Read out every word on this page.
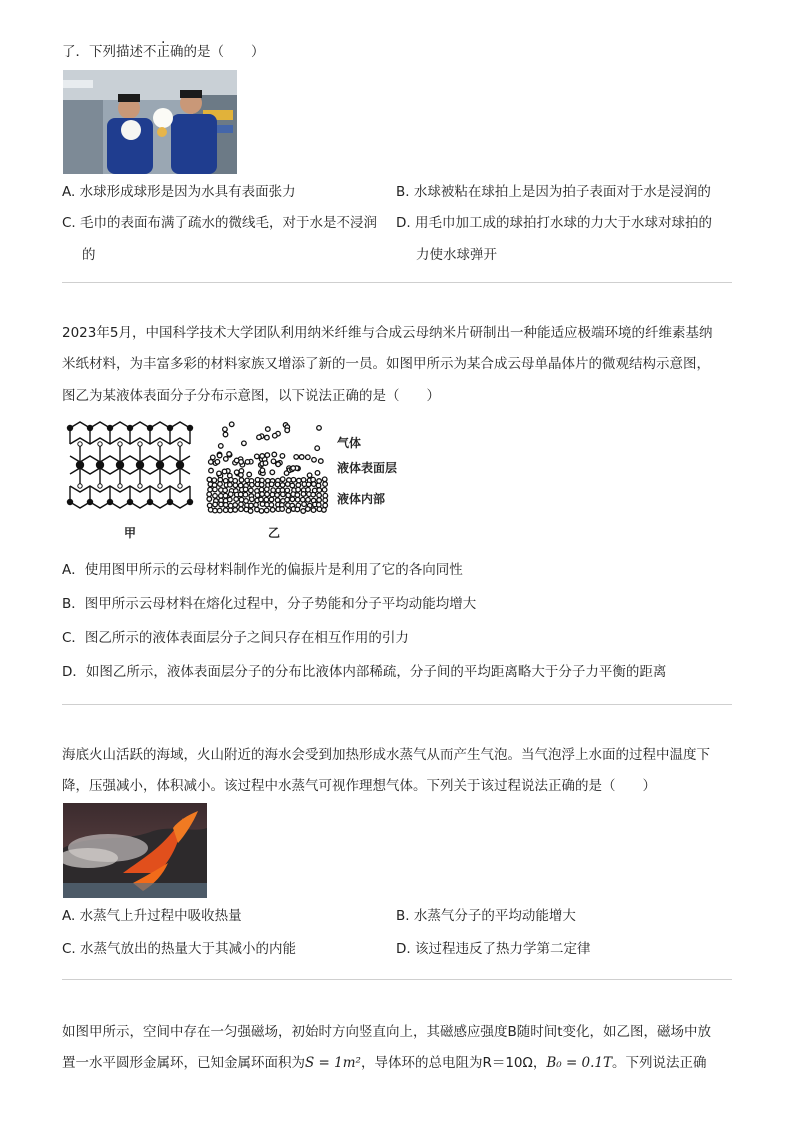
了．下列描述不正确的是（　　）
A. 水球形成球形是因为水具有表面张力	B. 水球被粘在球拍上是因为拍子表面对于水是浸润的
C. 毛巾的表面布满了疏水的微线毛，对于水是不浸润
的
D. 用毛巾加工成的球拍打水球的力大于水球对球拍的
力使水球弹开
2023年5月，中国科学技术大学团队利用纳米纤维与合成云母纳米片研制出一种能适应极端环境的纤维素基纳
米纸材料，为丰富多彩的材料家族又增添了新的一员。如图甲所示为某合成云母单晶体片的微观结构示意图，
图乙为某液体表面分子分布示意图，以下说法正确的是（　　）
甲	乙
气体
液体表面层
液体内部
A．使用图甲所示的云母材料制作光的偏振片是利用了它的各向同性
B．图甲所示云母材料在熔化过程中，分子势能和分子平均动能均增大
C．图乙所示的液体表面层分子之间只存在相互作用的引力
D．如图乙所示，液体表面层分子的分布比液体内部稀疏，分子间的平均距离略大于分子力平衡的距离
海底火山活跃的海域，火山附近的海水会受到加热形成水蒸气从而产生气泡。当气泡浮上水面的过程中温度下
降，压强减小，体积减小。该过程中水蒸气可视作理想气体。下列关于该过程说法正确的是（　　）
A. 水蒸气上升过程中吸收热量	B. 水蒸气分子的平均动能增大
C. 水蒸气放出的热量大于其减小的内能	D. 该过程违反了热力学第二定律
如图甲所示，空间中存在一匀强磁场，初始时方向竖直向上，其磁感应强度B随时间t变化，如乙图，磁场中放
置一水平圆形金属环，已知金属环面积为S = 1m²，导体环的总电阻为R＝10Ω，B₀ = 0.1T。下列说法正确
